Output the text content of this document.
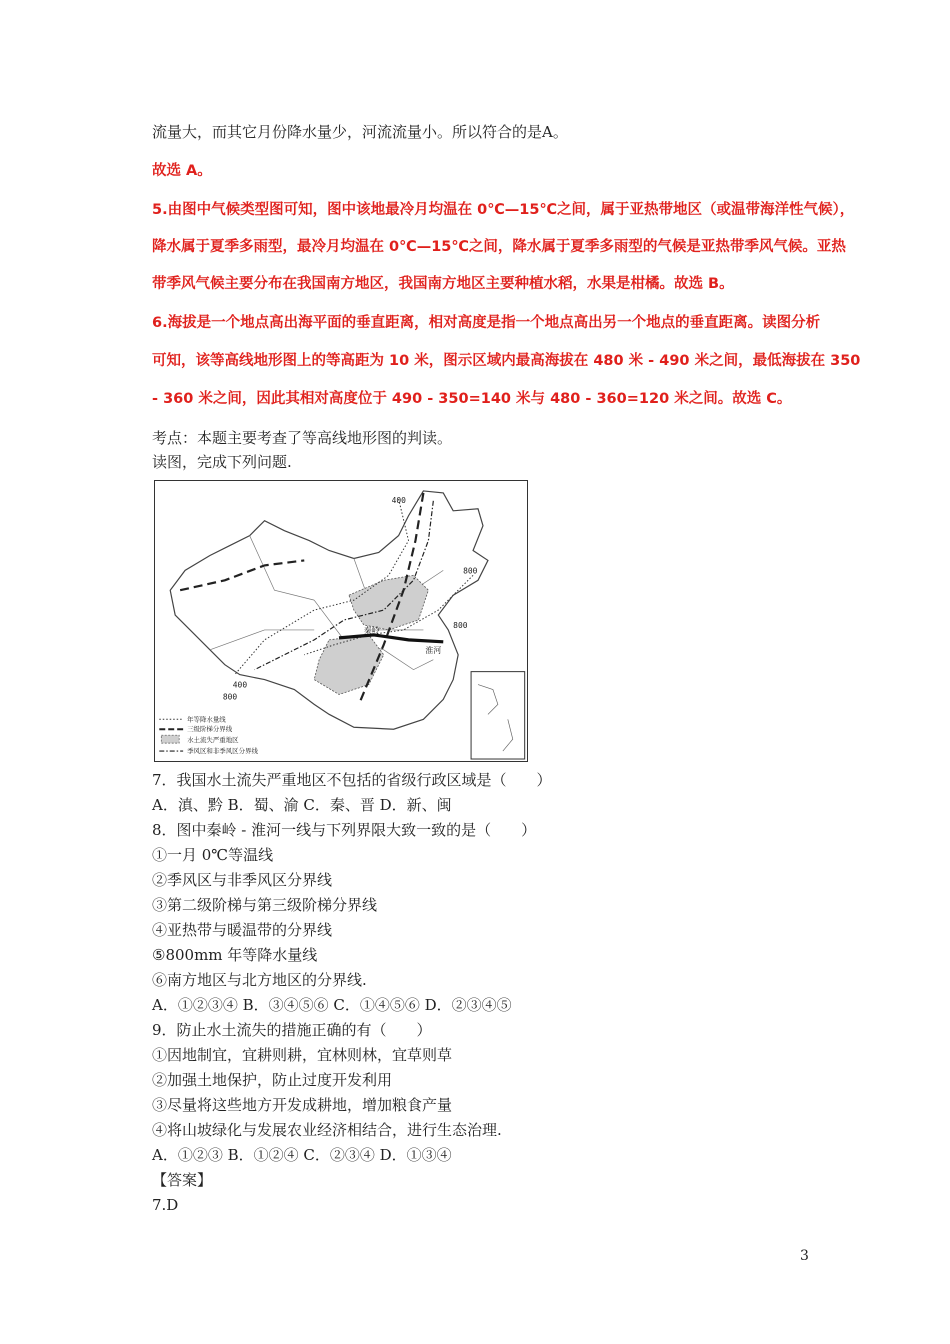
流量大，而其它月份降水量少，河流流量小。所以符合的是A。
故选 A。
5.由图中气候类型图可知，图中该地最冷月均温在 0℃—15℃之间，属于亚热带地区（或温带海洋性气候），
降水属于夏季多雨型，最冷月均温在 0℃—15℃之间，降水属于夏季多雨型的气候是亚热带季风气候。亚热
带季风气候主要分布在我国南方地区，我国南方地区主要种植水稻，水果是柑橘。故选 B。
6.海拔是一个地点高出海平面的垂直距离，相对高度是指一个地点高出另一个地点的垂直距离。读图分析
可知，该等高线地形图上的等高距为 10 米，图示区域内最高海拔在 480 米 - 490 米之间，最低海拔在 350
- 360 米之间，因此其相对高度位于 490 - 350=140 米与 480 - 360=120 米之间。故选 C。
考点：本题主要考查了等高线地形图的判读。
读图，完成下列问题.
400
800
800
400
800
秦岭
淮河
年等降水量线
三级阶梯分界线
水土流失严重地区
季风区和非季风区分界线
7．我国水土流失严重地区不包括的省级行政区域是（　　）
A．滇、黔 B．蜀、渝 C．秦、晋 D．新、闽
8．图中秦岭 - 淮河一线与下列界限大致一致的是（　　）
①一月 0℃等温线
②季风区与非季风区分界线
③第二级阶梯与第三级阶梯分界线
④亚热带与暖温带的分界线
⑤800mm 年等降水量线
⑥南方地区与北方地区的分界线.
A．①②③④ B．③④⑤⑥ C．①④⑤⑥ D．②③④⑤
9．防止水土流失的措施正确的有（　　）
①因地制宜，宜耕则耕，宜林则林，宜草则草
②加强土地保护，防止过度开发利用
③尽量将这些地方开发成耕地，增加粮食产量
④将山坡绿化与发展农业经济相结合，进行生态治理.
A．①②③ B．①②④ C．②③④ D．①③④
【答案】
7.D
3
